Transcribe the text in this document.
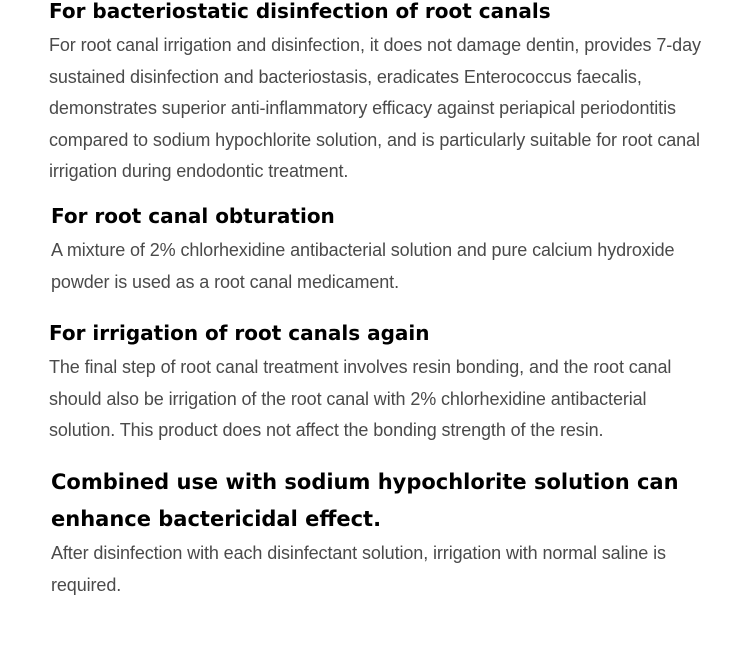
For bacteriostatic disinfection of root canals

For root canal irrigation and disinfection, it does not damage dentin, provides 7-day sustained disinfection and bacteriostasis, eradicates Enterococcus faecalis, demonstrates superior anti-inflammatory efficacy against periapical periodontitis compared to sodium hypochlorite solution, and is particularly suitable for root canal irrigation during endodontic treatment.

For root canal obturation

A mixture of 2% chlorhexidine antibacterial solution and pure calcium hydroxide powder is used as a root canal medicament.

For irrigation of root canals again

The final step of root canal treatment involves resin bonding, and the root canal should also be irrigation of the root canal with 2% chlorhexidine antibacterial solution. This product does not affect the bonding strength of the resin.

Combined use with sodium hypochlorite solution can enhance bactericidal effect.

After disinfection with each disinfectant solution, irrigation with normal saline is required.
